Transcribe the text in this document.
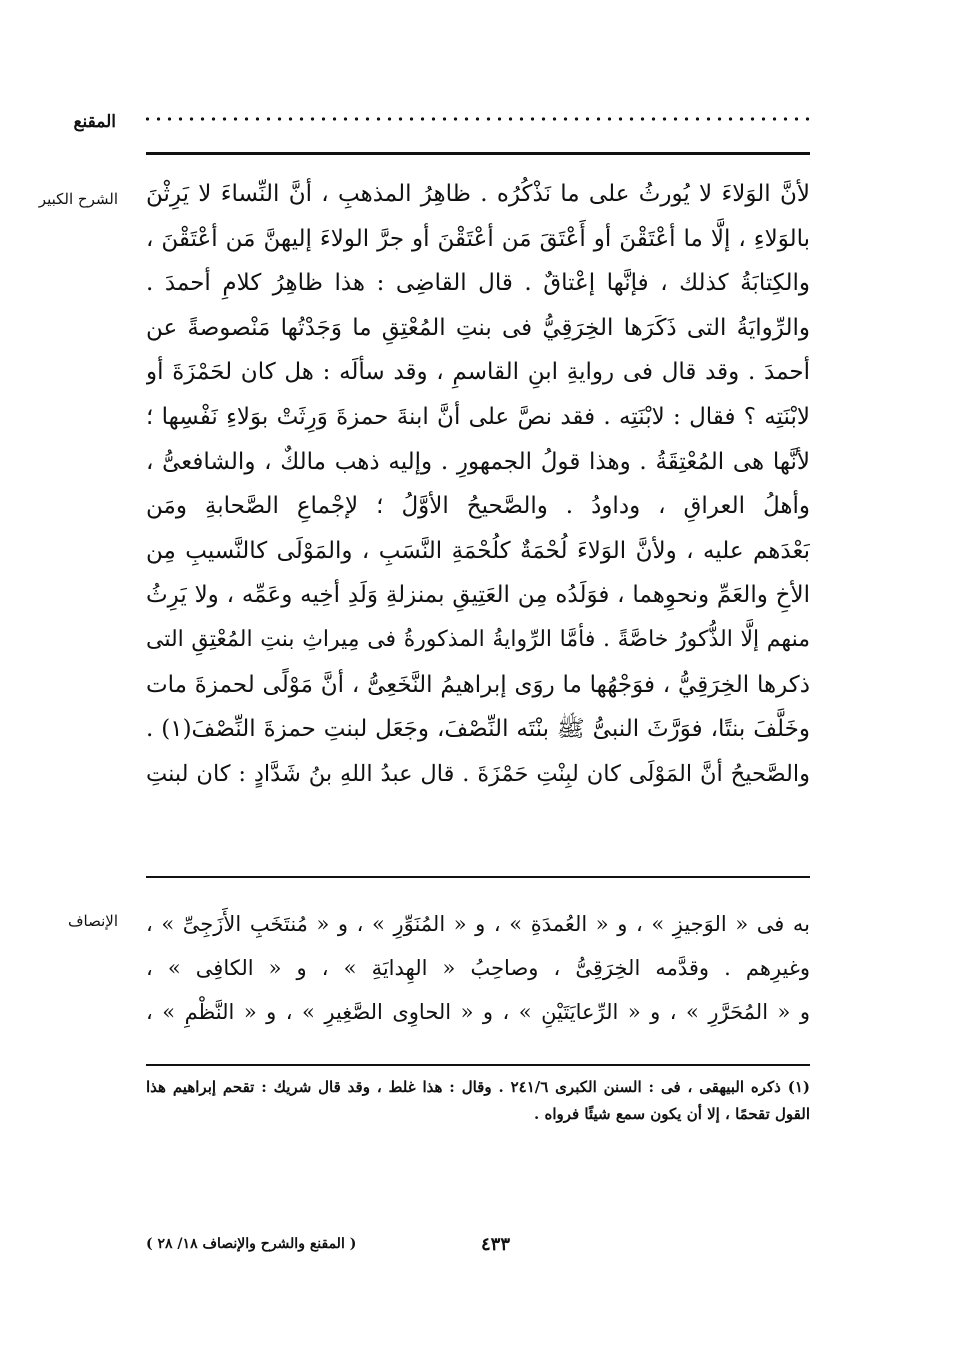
المقنع
الشرح الكبير لأنَّ الوَلاءَ لا يُورثُ على ما نَذْكُرُه . ظاهِرُ المذهبِ ، أنَّ النِّساءَ لا يَرِثْنَ
بالوَلاءِ ، إلَّا ما أعْتَقْنَ أو أَعْتَقَ مَن أعْتَقْنَ أو جرَّ الولاءَ إليهنَّ مَن أعْتَقْنَ ،
والكِتابَةُ كذلك ، فإنَّها إعْتاقٌ . قال القاضِى : هذا ظاهِرُ كلامِ أحمدَ .
والرِّوايَةُ التى ذَكَرَها الخِرَقِيُّ فى بنتِ المُعْتِقِ ما وَجَدْتُها مَنْصوصةً عن
أحمدَ . وقد قال فى روايةِ ابنِ القاسمِ ، وقد سألَه : هل كان لحَمْزَةَ أو
لابْنَتِه ؟ فقال : لابْنَتِه . فقد نصَّ على أنَّ ابنةَ حمزةَ وَرِثَتْ بوَلاءِ نَفْسِها ؛
لأنَّها هى المُعْتِقَةُ . وهذا قولُ الجمهورِ . وإليه ذهب مالكٌ ، والشافعىُّ ،
وأهلُ العراقِ ، وداودُ . والصَّحيحُ الأوَّلُ ؛ لإجْماعِ الصَّحابةِ ومَن
بَعْدَهم عليه ، ولأنَّ الوَلاءَ لُحْمَةٌ كلُحْمَةِ النَّسَبِ ، والمَوْلَى كالنَّسيبِ مِن
الأخِ والعَمِّ ونحوِهما ، فوَلَدُه مِن العَتِيقِ بمنزلةِ وَلَدِ أخِيه وعَمِّه ، ولا يَرِثُ
منهم إلَّا الذُّكورُ خاصَّةً . فأمَّا الرِّوايةُ المذكورةُ فى مِيراثِ بنتِ المُعْتِقِ التى
ذكرها الخِرَقِيُّ ، فوَجْهُها ما روَى إبراهيمُ النَّخَعِىُّ ، أنَّ مَوْلًى لحمزةَ مات
وخَلَّفَ بنتًا، فوَرَّثَ النبىُّ ﷺ بنْتَه النِّصْفَ، وجَعَل لبنتِ حمزةَ النِّصْفَ(١) .
والصَّحيحُ أنَّ المَوْلَى كان لبِنْتِ حَمْزَةَ . قال عبدُ اللهِ بنُ شَدَّادٍ : كان لبنتِ
الإنصاف به فى « الوَجيزِ » ، و « العُمدَةِ » ، و « المُنَوِّرِ » ، و « مُنتَخَبِ الأَزَجِىِّ » ،
وغيرِهم . وقدَّمه الخِرَقِىُّ ، وصاحِبُ « الهِدايَةِ » ، و « الكافِى » ،
و « المُحَرَّرِ » ، و « الرِّعايَتَيْنِ » ، و « الحاوِى الصَّغِيرِ » ، و « النَّظْمِ » ،
(١) ذكره البيهقى ، فى : السنن الكبرى ٢٤١/٦ . وقال : هذا غلط ، وقد قال شريك : تقحم إبراهيم هذا
القول تقحمًا ، إلا أن يكون سمع شيئًا فرواه .
٤٣٣
( المقنع والشرح والإنصاف ١٨/ ٢٨ )
